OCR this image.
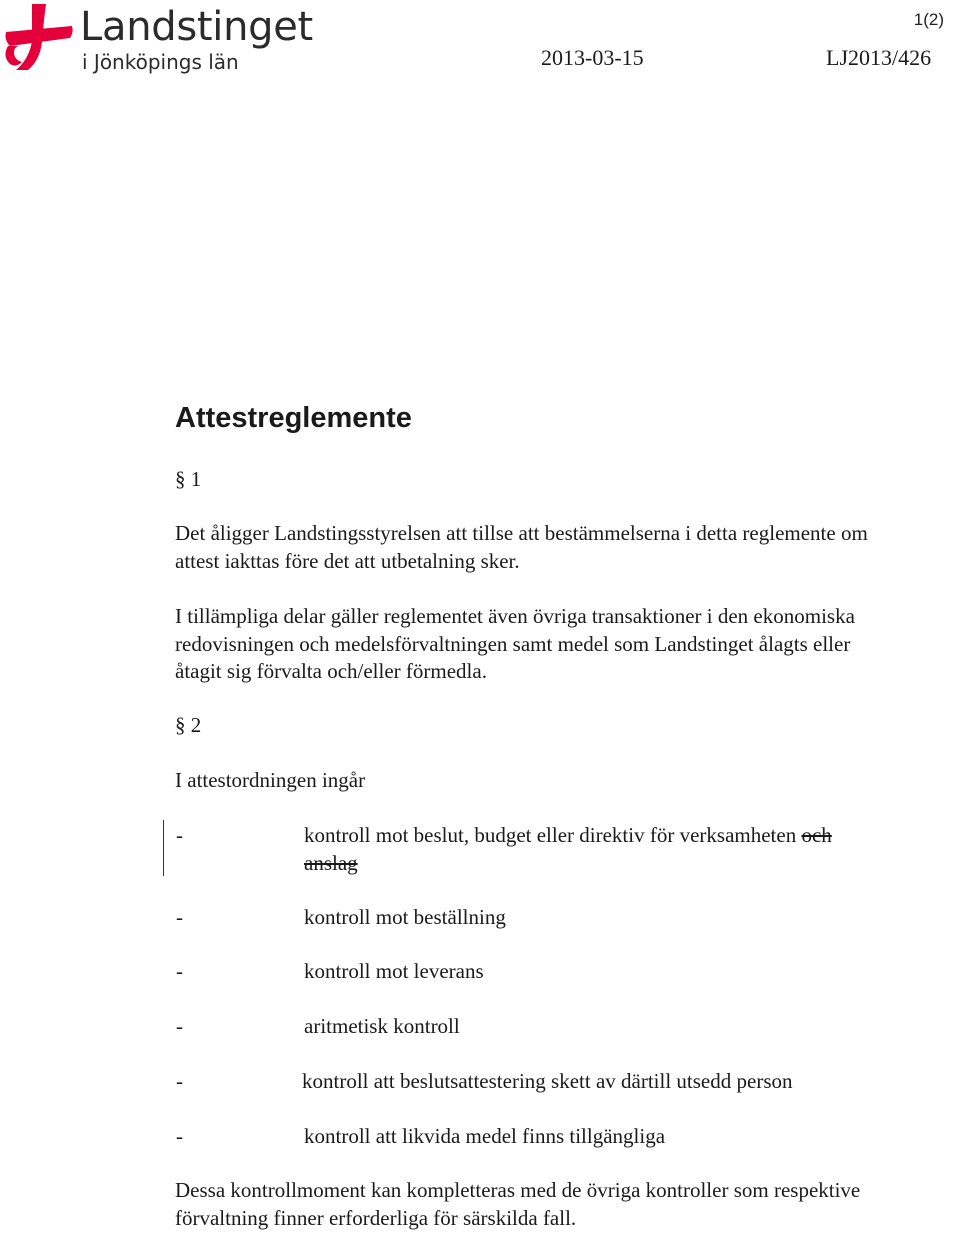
Landstinget
i Jönköpings län
1(2)
2013-03-15	LJ2013/426
Attestreglemente
§ 1
Det åligger Landstingsstyrelsen att tillse att bestämmelserna i detta reglemente om
attest iakttas före det att utbetalning sker.
I tillämpliga delar gäller reglementet även övriga transaktioner i den ekonomiska
redovisningen och medelsförvaltningen samt medel som Landstinget ålagts eller
åtagit sig förvalta och/eller förmedla.
§ 2
I attestordningen ingår
-	kontroll mot beslut, budget eller direktiv för verksamheten och
anslag
-	kontroll mot beställning
-	kontroll mot leverans
-	aritmetisk kontroll
-	kontroll att beslutsattestering skett av därtill utsedd person
-	kontroll att likvida medel finns tillgängliga
Dessa kontrollmoment kan kompletteras med de övriga kontroller som respektive
förvaltning finner erforderliga för särskilda fall.
